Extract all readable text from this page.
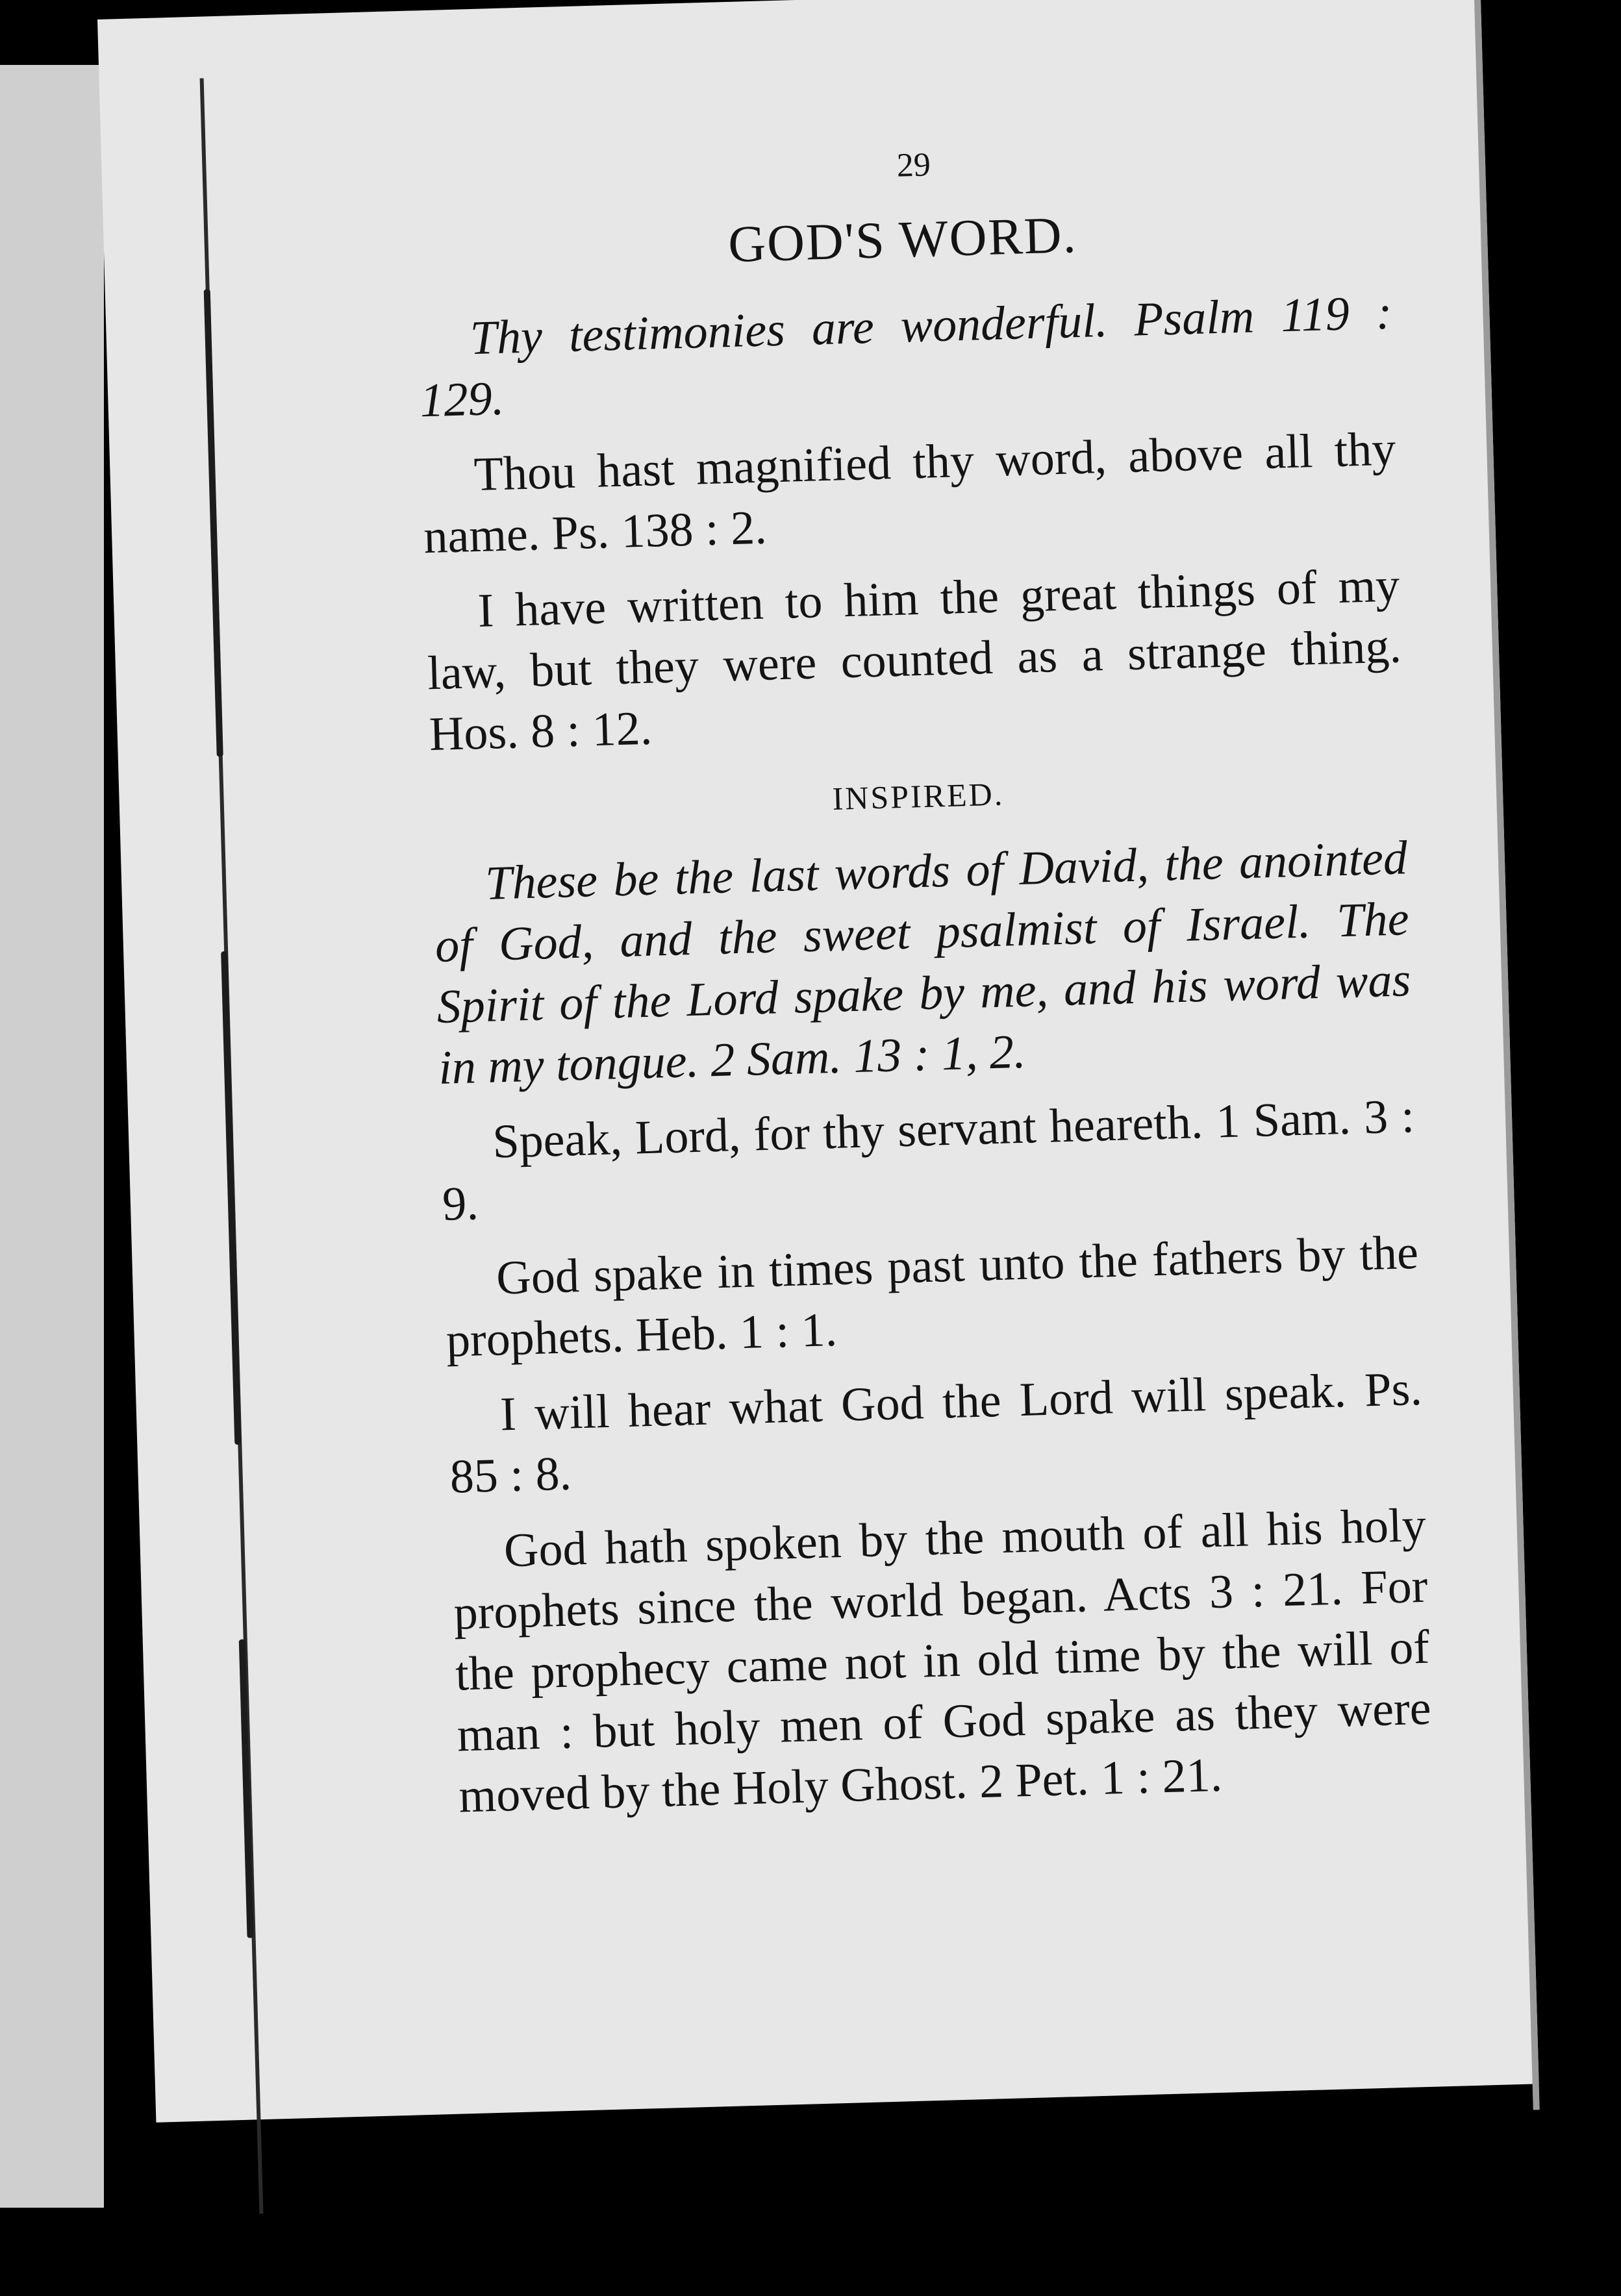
29
GOD'S WORD.

Thy testimonies are wonderful. Psalm 119 : 129.

Thou hast magnified thy word, above all thy name. Ps. 138 : 2.

I have written to him the great things of my law, but they were counted as a strange thing. Hos. 8 : 12.

INSPIRED.

These be the last words of David, the anointed of God, and the sweet psalmist of Israel. The Spirit of the Lord spake by me, and his word was in my tongue. 2 Sam. 13 : 1, 2.

Speak, Lord, for thy servant heareth. 1 Sam. 3 : 9.

God spake in times past unto the fathers by the prophets. Heb. 1 : 1.

I will hear what God the Lord will speak. Ps. 85 : 8.

God hath spoken by the mouth of all his holy prophets since the world began. Acts 3 : 21. For the prophecy came not in old time by the will of man : but holy men of God spake as they were moved by the Holy Ghost. 2 Pet. 1 : 21.
